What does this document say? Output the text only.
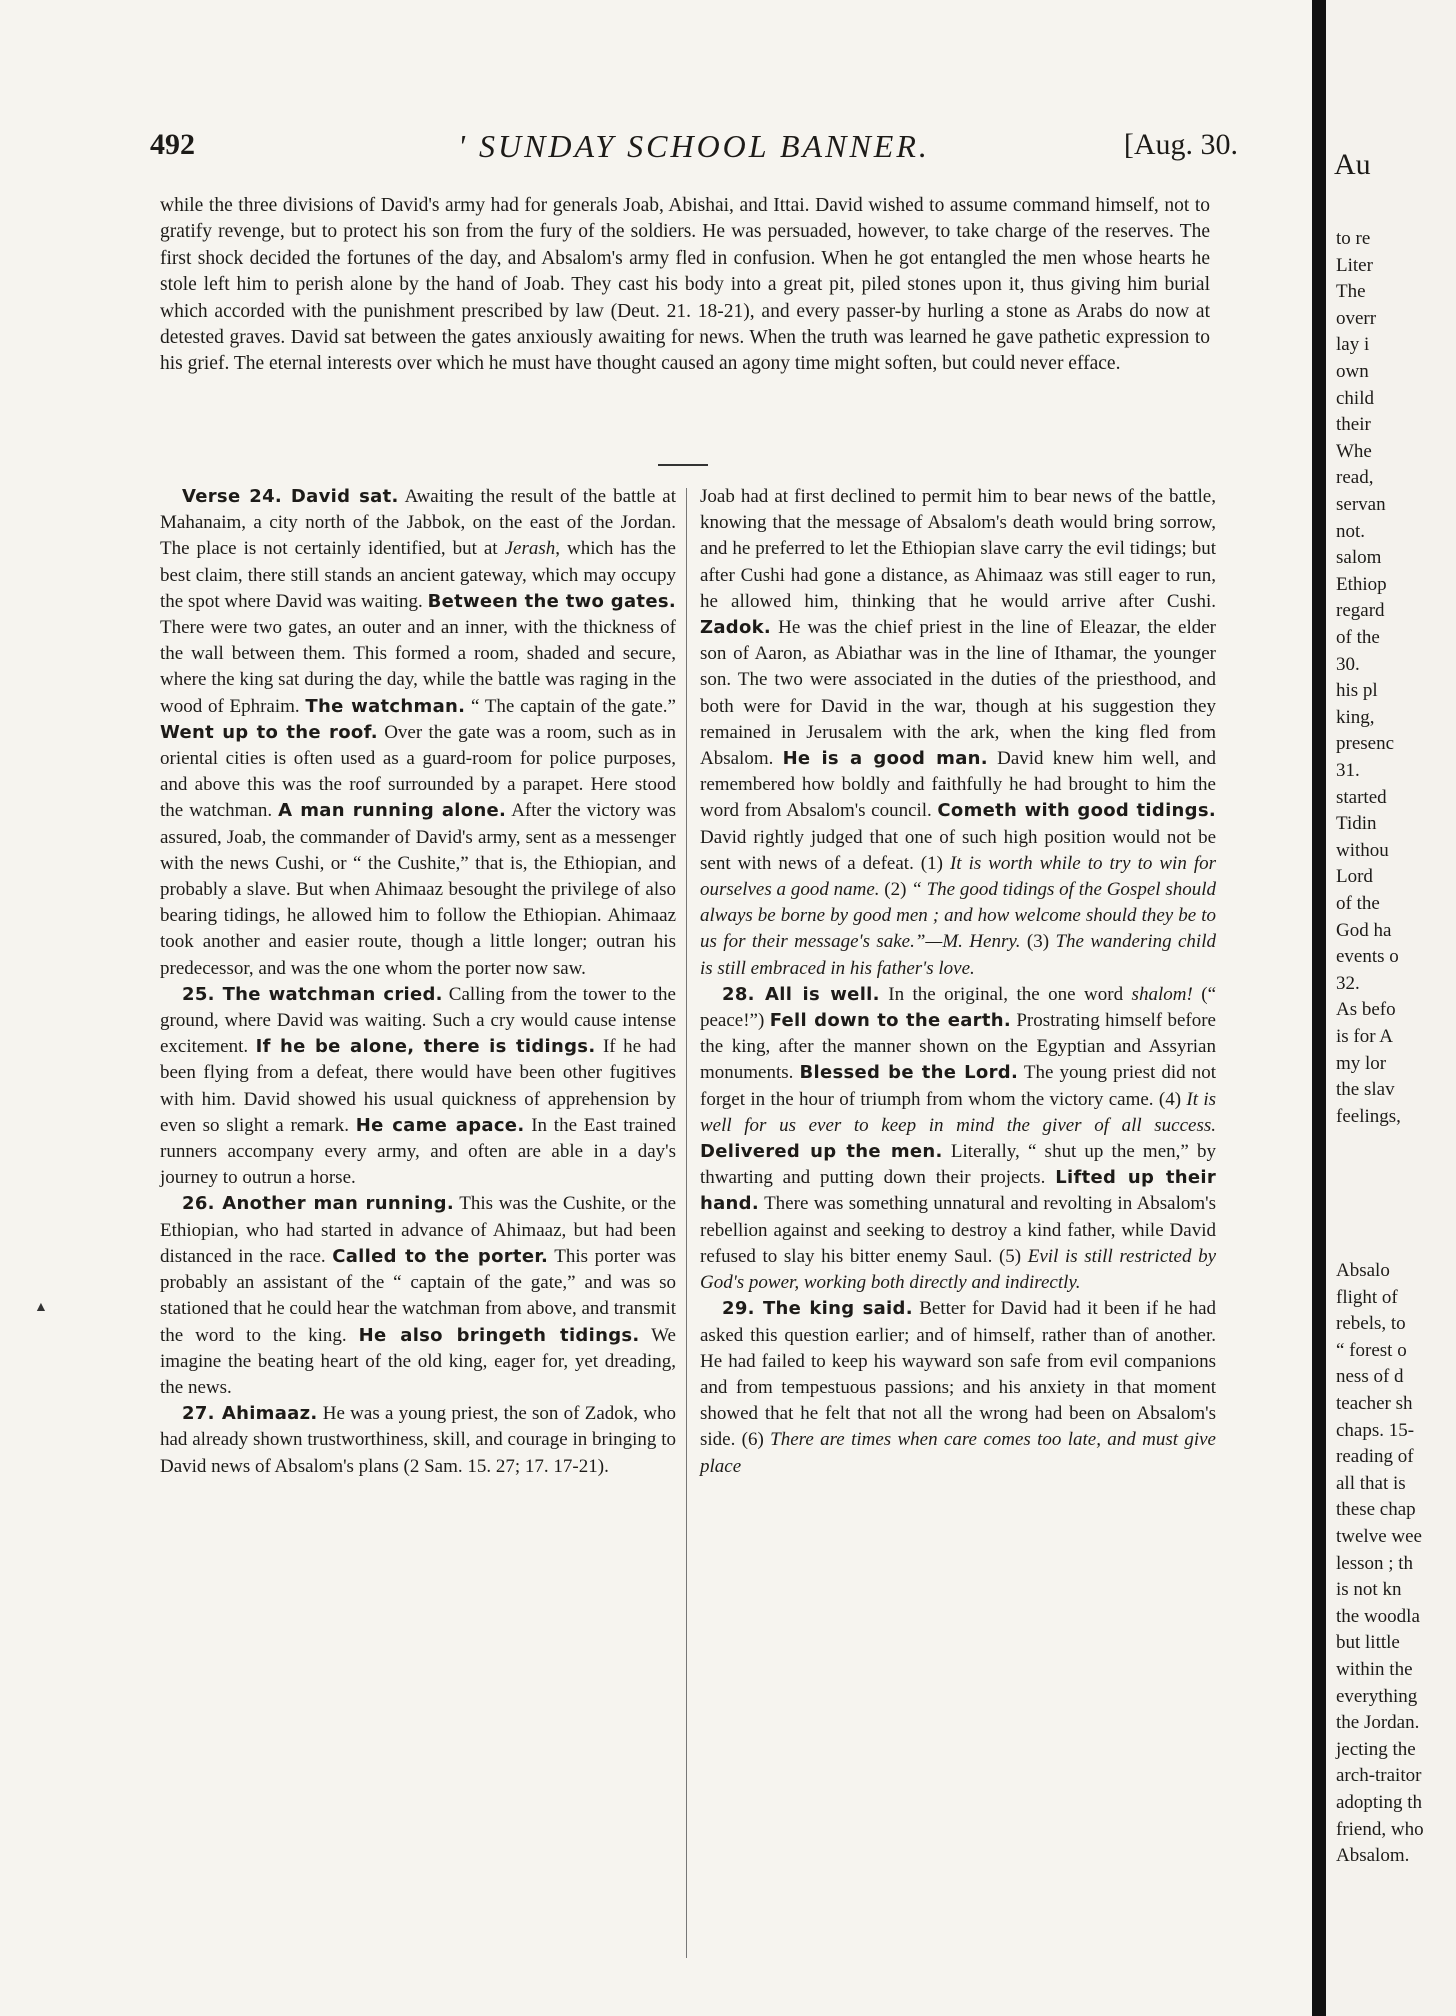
492	' SUNDAY SCHOOL BANNER.	[Aug. 30.
while the three divisions of David's army had for generals Joab, Abishai, and Ittai. David wished to assume command himself, not to gratify revenge, but to protect his son from the fury of the soldiers. He was persuaded, however, to take charge of the reserves. The first shock decided the fortunes of the day, and Absalom's army fled in confusion. When he got entangled the men whose hearts he stole left him to perish alone by the hand of Joab. They cast his body into a great pit, piled stones upon it, thus giving him burial which accorded with the punishment prescribed by law (Deut. 21. 18-21), and every passer-by hurling a stone as Arabs do now at detested graves. David sat between the gates anxiously awaiting for news. When the truth was learned he gave pathetic expression to his grief. The eternal interests over which he must have thought caused an agony time might soften, but could never efface.

Verse 24. David sat. Awaiting the result of the battle at Mahanaim, a city north of the Jabbok, on the east of the Jordan. The place is not certainly identified, but at Jerash, which has the best claim, there still stands an ancient gateway, which may occupy the spot where David was waiting. Between the two gates. There were two gates, an outer and an inner, with the thickness of the wall between them. This formed a room, shaded and secure, where the king sat during the day, while the battle was raging in the wood of Ephraim. The watchman. “ The captain of the gate.” Went up to the roof. Over the gate was a room, such as in oriental cities is often used as a guard-room for police purposes, and above this was the roof surrounded by a parapet. Here stood the watchman. A man running alone. After the victory was assured, Joab, the commander of David's army, sent as a messenger with the news Cushi, or “ the Cushite,” that is, the Ethiopian, and probably a slave. But when Ahimaaz besought the privilege of also bearing tidings, he allowed him to follow the Ethiopian. Ahimaaz took another and easier route, though a little longer; outran his predecessor, and was the one whom the porter now saw.

25. The watchman cried. Calling from the tower to the ground, where David was waiting. Such a cry would cause intense excitement. If he be alone, there is tidings. If he had been flying from a defeat, there would have been other fugitives with him. David showed his usual quickness of apprehension by even so slight a remark. He came apace. In the East trained runners accompany every army, and often are able in a day's journey to outrun a horse.

26. Another man running. This was the Cushite, or the Ethiopian, who had started in advance of Ahimaaz, but had been distanced in the race. Called to the porter. This porter was probably an assistant of the “ captain of the gate,” and was so stationed that he could hear the watchman from above, and transmit the word to the king. He also bringeth tidings. We imagine the beating heart of the old king, eager for, yet dreading, the news.

27. Ahimaaz. He was a young priest, the son of Zadok, who had already shown trustworthiness, skill, and courage in bringing to David news of Absalom's plans (2 Sam. 15. 27; 17. 17-21).

Joab had at first declined to permit him to bear news of the battle, knowing that the message of Absalom's death would bring sorrow, and he preferred to let the Ethiopian slave carry the evil tidings; but after Cushi had gone a distance, as Ahimaaz was still eager to run, he allowed him, thinking that he would arrive after Cushi. Zadok. He was the chief priest in the line of Eleazar, the elder son of Aaron, as Abiathar was in the line of Ithamar, the younger son. The two were associated in the duties of the priesthood, and both were for David in the war, though at his suggestion they remained in Jerusalem with the ark, when the king fled from Absalom. He is a good man. David knew him well, and remembered how boldly and faithfully he had brought to him the word from Absalom's council. Cometh with good tidings. David rightly judged that one of such high position would not be sent with news of a defeat. (1) It is worth while to try to win for ourselves a good name. (2) “ The good tidings of the Gospel should always be borne by good men ; and how welcome should they be to us for their message's sake.”—M. Henry. (3) The wandering child is still embraced in his father's love.

28. All is well. In the original, the one word shalom! (“ peace!”) Fell down to the earth. Prostrating himself before the king, after the manner shown on the Egyptian and Assyrian monuments. Blessed be the Lord. The young priest did not forget in the hour of triumph from whom the victory came. (4) It is well for us ever to keep in mind the giver of all success. Delivered up the men. Literally, “ shut up the men,” by thwarting and putting down their projects. Lifted up their hand. There was something unnatural and revolting in Absalom's rebellion against and seeking to destroy a kind father, while David refused to slay his bitter enemy Saul. (5) Evil is still restricted by God's power, working both directly and indirectly.

29. The king said. Better for David had it been if he had asked this question earlier; and of himself, rather than of another. He had failed to keep his wayward son safe from evil companions and from tempestuous passions; and his anxiety in that moment showed that he felt that not all the wrong had been on Absalom's side. (6) There are times when care comes too late, and must give place

▲
Au
to re
Liter
The
overr
lay i
own
child
their
Whe
read,
servan
not.
salom
Ethiop
regard
of the
30.
his pl
king,
presenc
31.
started
Tidin
withou
Lord
of the
God ha
events o
32.
As befo
is for A
my lor
the slav
feelings,
Absalo
flight of
rebels, to
“ forest o
ness of d
teacher sh
chaps. 15-
reading of
all that is
these chap
twelve wee
lesson ; th
is not kn
the woodla
but little
within the
everything
the Jordan.
jecting the
arch-traitor
adopting th
friend, who
Absalom.
